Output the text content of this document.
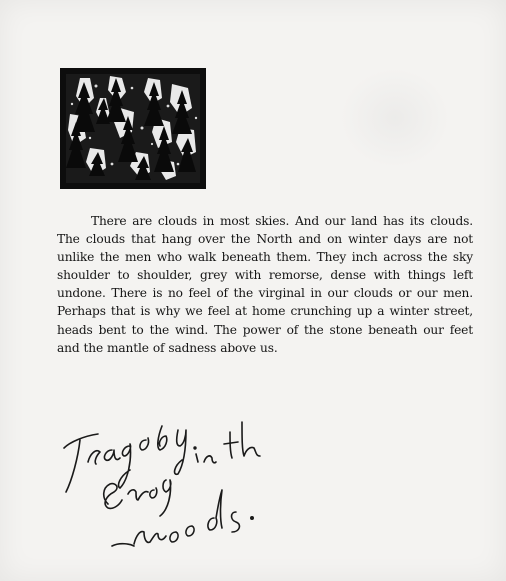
There are clouds in most skies. And our land has its clouds. The clouds that hang over the North and on winter days are not unlike the men who walk beneath them. They inch across the sky shoulder to shoulder, grey with remorse, dense with things left undone. There is no feel of the virginal in our clouds or our men. Perhaps that is why we feel at home crunching up a winter street, heads bent to the wind. The power of the stone beneath our feet and the mantle of sadness above us.
